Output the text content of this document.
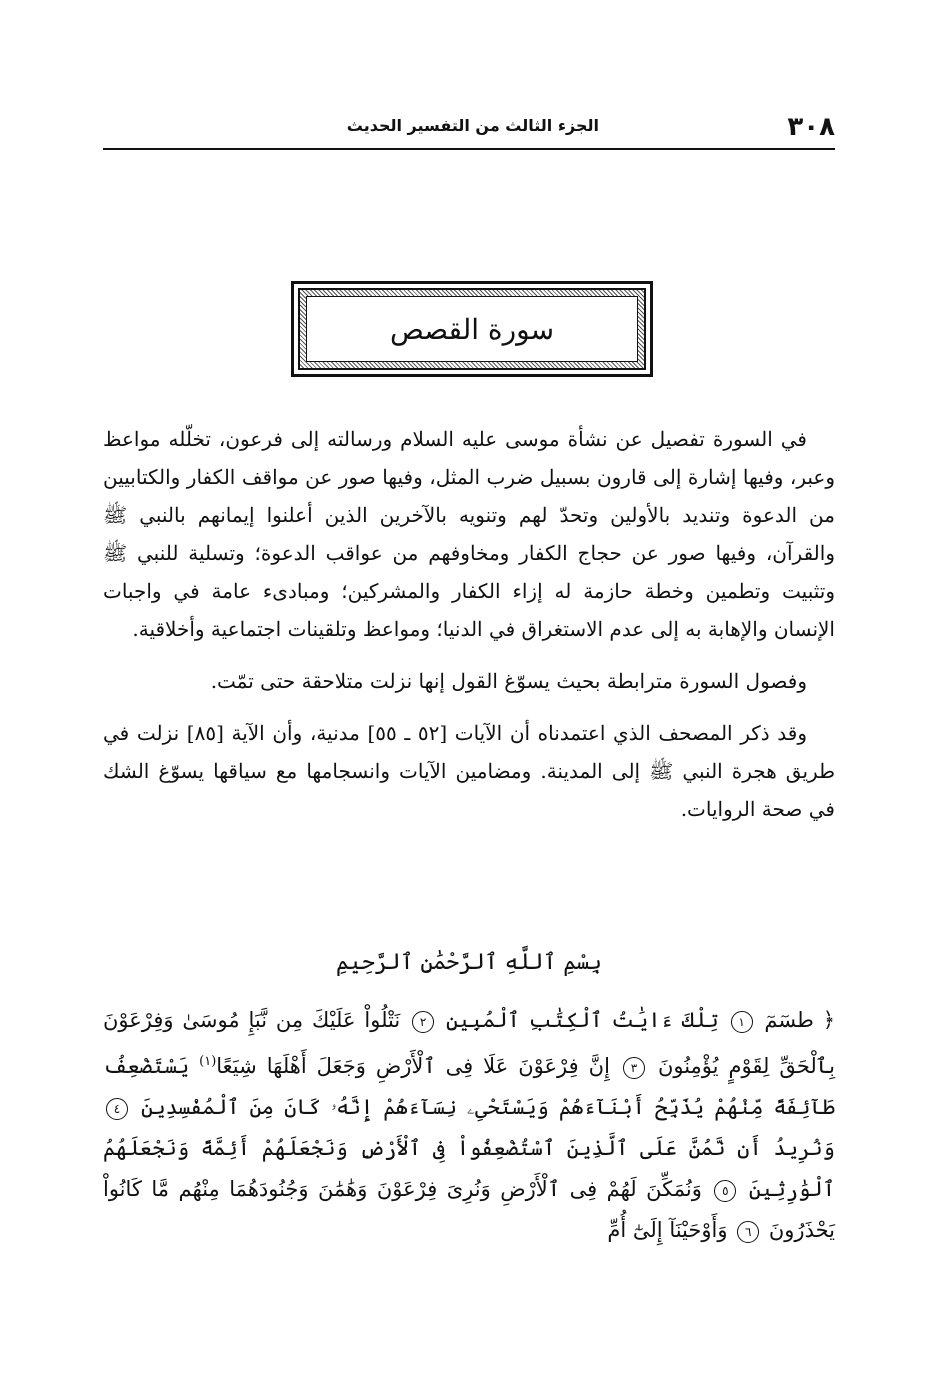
٣٠٨
الجزء الثالث من التفسير الحديث
سورة القصص

في السورة تفصيل عن نشأة موسى عليه السلام ورسالته إلى فرعون، تخلّله مواعظ وعبر، وفيها إشارة إلى قارون بسبيل ضرب المثل، وفيها صور عن مواقف الكفار والكتابيين من الدعوة وتنديد بالأولين وتحدّ لهم وتنويه بالآخرين الذين أعلنوا إيمانهم بالنبي ﷺ والقرآن، وفيها صور عن حجاج الكفار ومخاوفهم من عواقب الدعوة؛ وتسلية للنبي ﷺ وتثبيت وتطمين وخطة حازمة له إزاء الكفار والمشركين؛ ومبادىء عامة في واجبات الإنسان والإهابة به إلى عدم الاستغراق في الدنيا؛ ومواعظ وتلقينات اجتماعية وأخلاقية.

وفصول السورة مترابطة بحيث يسوّغ القول إنها نزلت متلاحقة حتى تمّت.

وقد ذكر المصحف الذي اعتمدناه أن الآيات [٥٢ ـ ٥٥] مدنية، وأن الآية [٨٥] نزلت في طريق هجرة النبي ﷺ إلى المدينة. ومضامين الآيات وانسجامها مع سياقها يسوّغ الشك في صحة الروايات.

بِسْمِ ٱللَّهِ ٱلرَّحْمَٰنِ ٱلرَّحِيمِ
﴿ طسٓمٓ ١ تِلْكَ ءَايَٰتُ ٱلْكِتَٰبِ ٱلْمُبِينِ ٢ نَتْلُواْ عَلَيْكَ مِن نَّبَإِ مُوسَىٰ وَفِرْعَوْنَ بِٱلْحَقِّ لِقَوْمٍ يُؤْمِنُونَ ٣ إِنَّ فِرْعَوْنَ عَلَا فِى ٱلْأَرْضِ وَجَعَلَ أَهْلَهَا شِيَعًا$^{(١)}$ يَسْتَضْعِفُ طَآئِفَةً مِّنْهُمْ يُذَبِّحُ أَبْنَآءَهُمْ وَيَسْتَحْىِۦ نِسَآءَهُمْ إِنَّهُۥ كَانَ مِنَ ٱلْمُفْسِدِينَ ٤ وَنُرِيدُ أَن نَّمُنَّ عَلَى ٱلَّذِينَ ٱسْتُضْعِفُواْ فِى ٱلْأَرْضِ وَنَجْعَلَهُمْ أَئِمَّةً وَنَجْعَلَهُمُ ٱلْوَٰرِثِينَ ٥ وَنُمَكِّنَ لَهُمْ فِى ٱلْأَرْضِ وَنُرِىَ فِرْعَوْنَ وَهَٰمَٰنَ وَجُنُودَهُمَا مِنْهُم مَّا كَانُواْ يَحْذَرُونَ ٦ وَأَوْحَيْنَآ إِلَىٰٓ أُمِّ
